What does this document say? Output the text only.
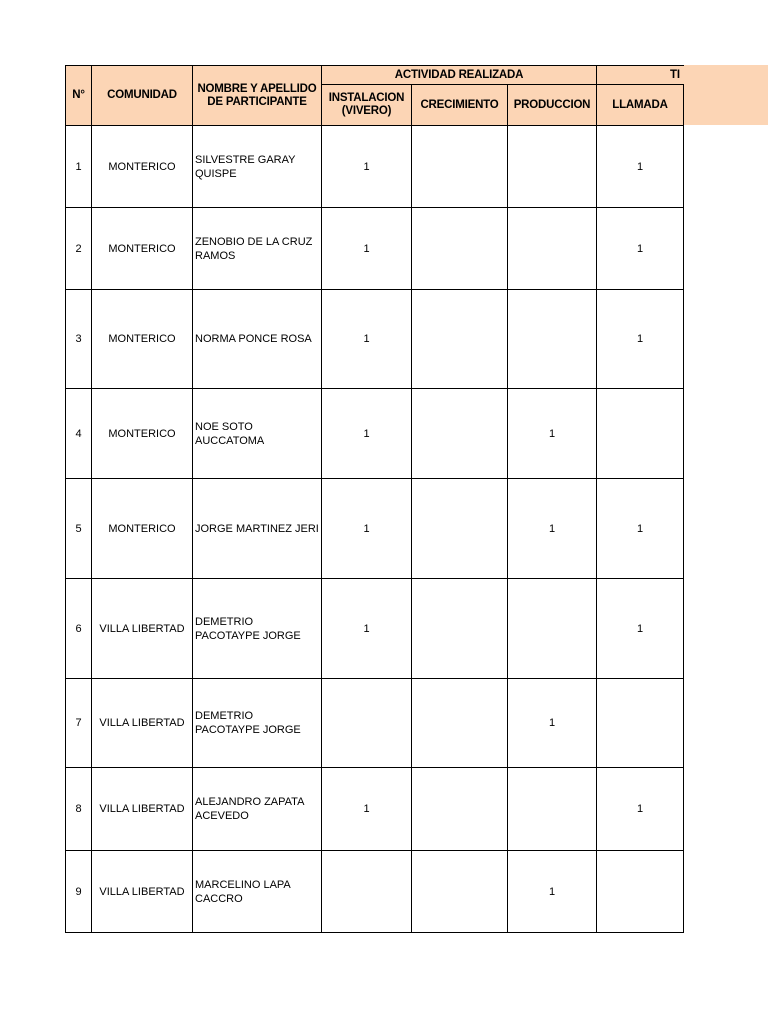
N°	COMUNIDAD	NOMBRE Y APELLIDO DE PARTICIPANTE	ACTIVIDAD REALIZADA			TI
			INSTALACION (VIVERO)	CRECIMIENTO	PRODUCCION	LLAMADA
1	MONTERICO	SILVESTRE GARAY QUISPE	1			1
2	MONTERICO	ZENOBIO DE LA CRUZ RAMOS	1			1
3	MONTERICO	NORMA PONCE ROSA	1			1
4	MONTERICO	NOE SOTO AUCCATOMA	1		1	
5	MONTERICO	JORGE MARTINEZ JERI	1		1	1
6	VILLA LIBERTAD	DEMETRIO PACOTAYPE JORGE	1			1
7	VILLA LIBERTAD	DEMETRIO PACOTAYPE JORGE			1	
8	VILLA LIBERTAD	ALEJANDRO ZAPATA ACEVEDO	1			1
9	VILLA LIBERTAD	MARCELINO LAPA CACCRO			1	
